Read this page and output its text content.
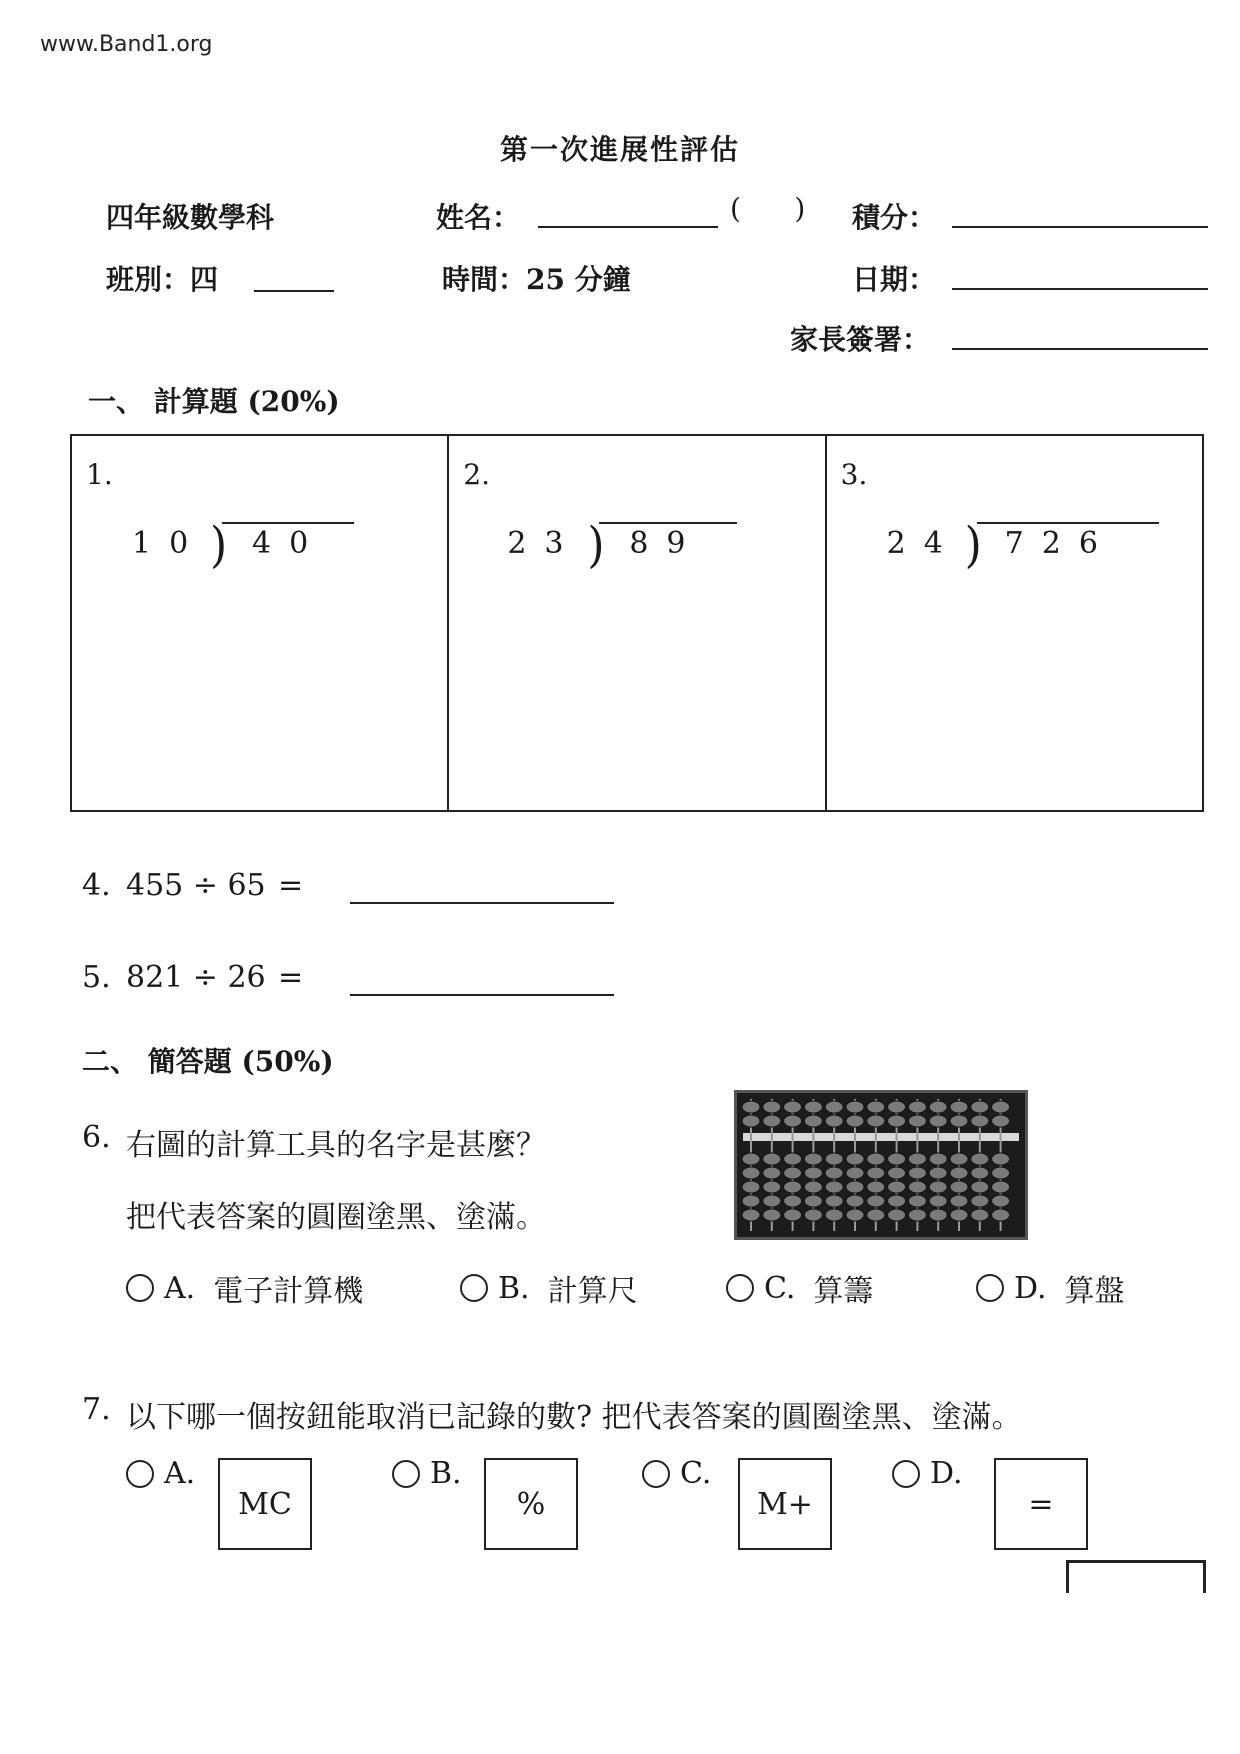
www.Band1.org
第一次進展性評估
四年級數學科	姓名：	(      ) 積分：
班別：四	時間：25 分鐘	日期：
家長簽署：
一、 計算題 (20%)
1.
10 ) 40
2.
23 ) 89
3.
24 ) 726
4. 455 ÷ 65 =
5. 821 ÷ 26 =
二、 簡答題 (50%)
6. 右圖的計算工具的名字是甚麼？
把代表答案的圓圈塗黑、塗滿。
A. 電子計算機	B. 計算尺	C. 算籌	D. 算盤
7. 以下哪一個按鈕能取消已記錄的數? 把代表答案的圓圈塗黑、塗滿。
A.
MC
B.
%
C.
M+
D.
=
